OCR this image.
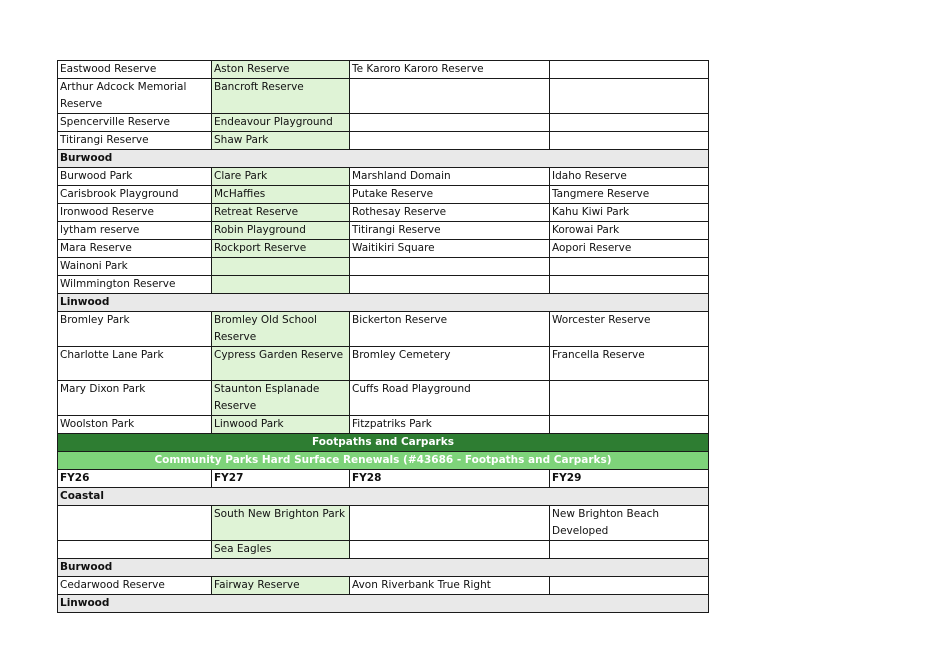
Eastwood Reserve	Aston Reserve	Te Karoro Karoro Reserve	
Arthur Adcock Memorial Reserve	Bancroft Reserve		
Spencerville Reserve	Endeavour Playground		
Titirangi Reserve	Shaw Park		
Burwood			
Burwood Park	Clare Park	Marshland Domain	Idaho Reserve
Carisbrook Playground	McHaffies	Putake Reserve	Tangmere Reserve
Ironwood Reserve	Retreat Reserve	Rothesay Reserve	Kahu Kiwi Park
lytham reserve	Robin Playground	Titirangi Reserve	Korowai Park
Mara Reserve	Rockport Reserve	Waitikiri Square	Aopori Reserve
Wainoni Park			
Wilmmington Reserve			
Linwood			
Bromley Park	Bromley Old School Reserve	Bickerton Reserve	Worcester Reserve
Charlotte Lane Park	Cypress Garden Reserve	Bromley Cemetery	Francella Reserve
Mary Dixon Park	Staunton Esplanade Reserve	Cuffs Road Playground	
Woolston Park	Linwood Park	Fitzpatriks Park	
Footpaths and Carparks			
Community Parks Hard Surface Renewals (#43686 - Footpaths and Carparks)			
FY26	FY27	FY28	FY29
Coastal			
	South New Brighton Park		New Brighton Beach Developed
	Sea Eagles		
Burwood			
Cedarwood Reserve	Fairway Reserve	Avon Riverbank True Right	
Linwood			
